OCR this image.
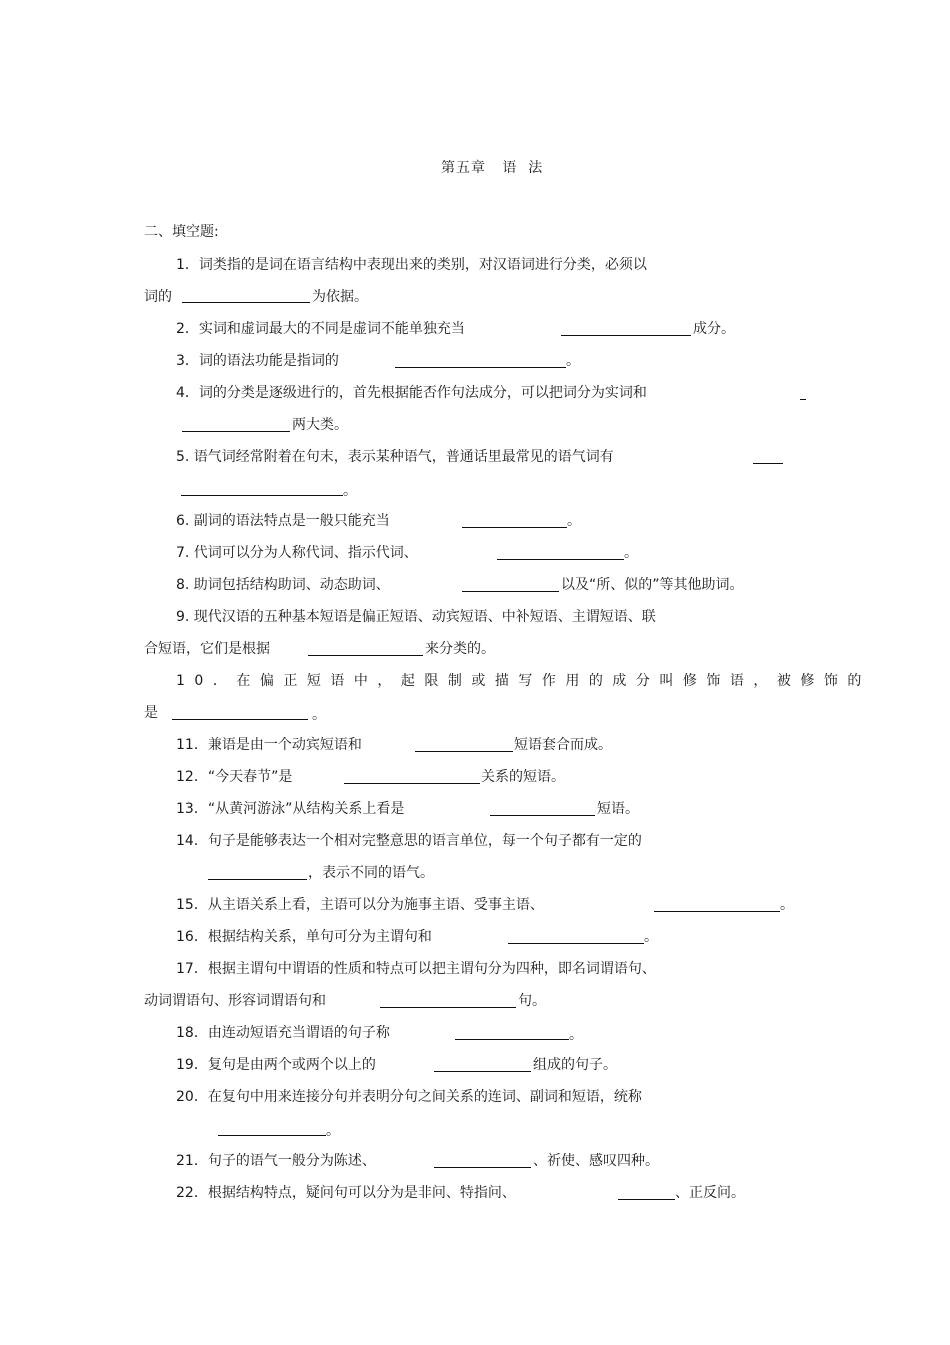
第五章   语  法
二、填空题:
1．词类指的是词在语言结构中表现出来的类别，对汉语词进行分类，必须以
词的	为依据。
2．实词和虚词最大的不同是虚词不能单独充当	成分。
3．词的语法功能是指词的	。
4．词的分类是逐级进行的，首先根据能否作句法成分，可以把词分为实词和
两大类。
5. 语气词经常附着在句末，表示某种语气，普通话里最常见的语气词有
。
6. 副词的语法特点是一般只能充当	。
7. 代词可以分为人称代词、指示代词、	。
8. 助词包括结构助词、动态助词、	以及“所、似的”等其他助词。
9. 现代汉语的五种基本短语是偏正短语、动宾短语、中补短语、主谓短语、联
合短语，它们是根据	来分类的。
10．在偏正短语中，起限制或描写作用的成分叫修饰语，被修饰的
是	。
11．兼语是由一个动宾短语和	短语套合而成。
12．“今天春节”是	关系的短语。
13．“从黄河游泳”从结构关系上看是	短语。
14．句子是能够表达一个相对完整意思的语言单位，每一个句子都有一定的
，表示不同的语气。
15．从主语关系上看，主语可以分为施事主语、受事主语、	。
16．根据结构关系，单句可分为主谓句和	。
17．根据主谓句中谓语的性质和特点可以把主谓句分为四种，即名词谓语句、
动词谓语句、形容词谓语句和	句。
18．由连动短语充当谓语的句子称	。
19．复句是由两个或两个以上的	组成的句子。
20．在复句中用来连接分句并表明分句之间关系的连词、副词和短语，统称
。
21．句子的语气一般分为陈述、	、祈使、感叹四种。
22．根据结构特点，疑问句可以分为是非问、特指问、	、正反问。
